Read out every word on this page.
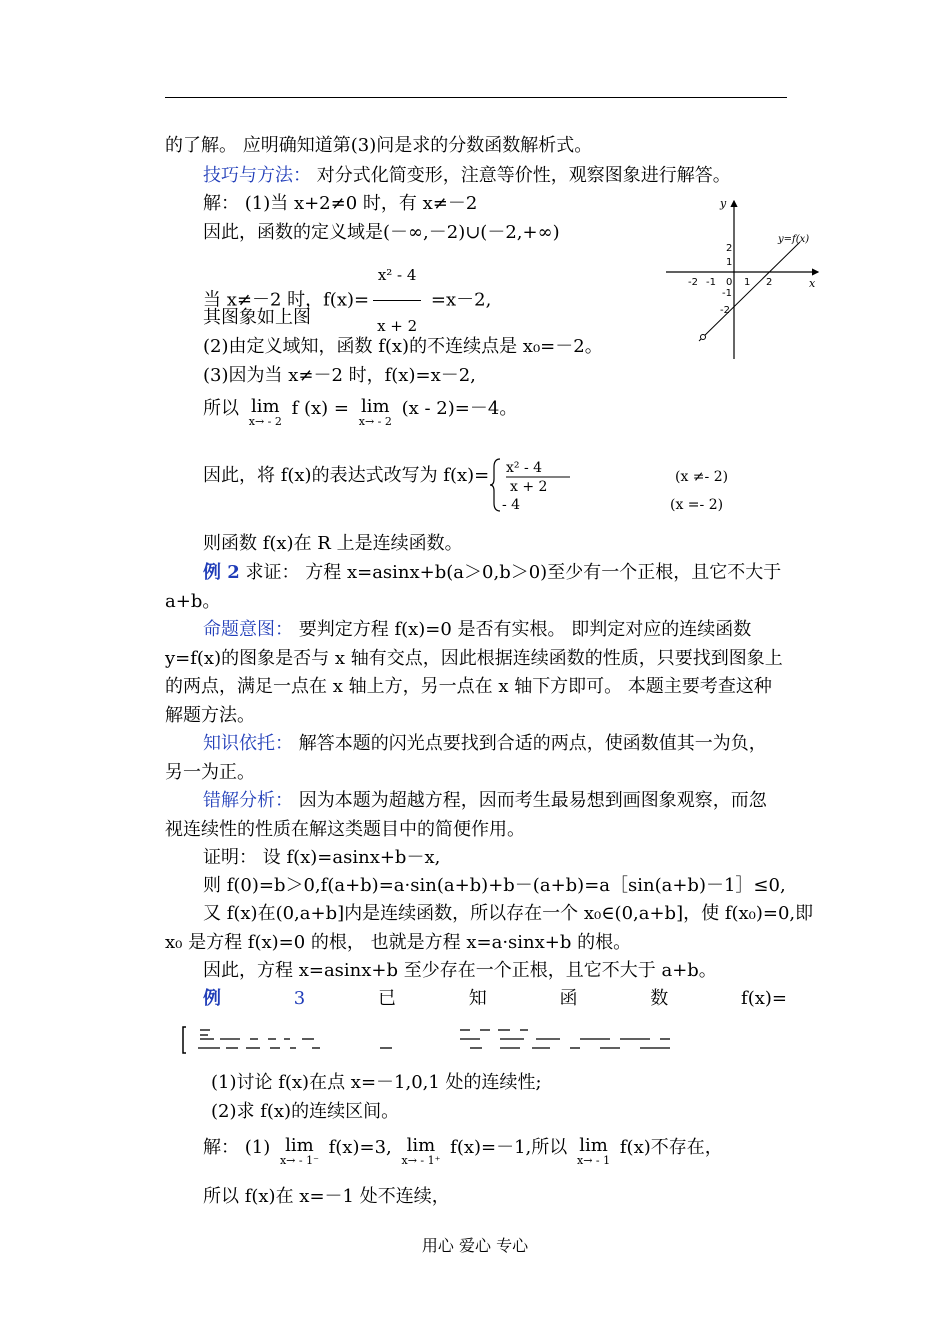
的了解。 应明确知道第(3)问是求的分数函数解析式。
技巧与方法： 对分式化简变形，注意等价性，观察图象进行解答。
解： (1)当 x+2≠0 时，有 x≠－2
因此，函数的定义域是(－∞,－2)∪(－2,+∞)
当 x≠－2 时，$f(x)= \frac{\text{x² - 4}}{x + 2} =x-2$,
其图象如上图
(2)由定义域知，函数 f(x)的不连续点是 x₀=－2。
(3)因为当 x≠－2 时，f(x)=x－2,
所以 lim
x→ - 2
f (x) = lim
x→ - 2
(x - 2)=－4。
因此，将 f(x)的表达式改写为 f(x)= x² - 4
x + 2
- 4
(x ≠- 2)
(x =- 2)
则函数 f(x)在 R 上是连续函数。
例 2 求证： 方程 x=asinx+b(a＞0,b＞0)至少有一个正根，且它不大于
a+b。
命题意图： 要判定方程 f(x)=0 是否有实根。 即判定对应的连续函数
y=f(x)的图象是否与 x 轴有交点，因此根据连续函数的性质，只要找到图象上
的两点，满足一点在 x 轴上方，另一点在 x 轴下方即可。 本题主要考查这种
解题方法。
知识依托： 解答本题的闪光点要找到合适的两点，使函数值其一为负，
另一为正。
错解分析： 因为本题为超越方程，因而考生最易想到画图象观察，而忽
视连续性的性质在解这类题目中的简便作用。
证明： 设 f(x)=asinx+b－x,
则 f(0)=b＞0,f(a+b)=a·sin(a+b)+b－(a+b)=a［sin(a+b)－1］≤0,
又 f(x)在(0,a+b]内是连续函数，所以存在一个 x₀∈(0,a+b]，使 f(x₀)=0,即
x₀ 是方程 f(x)=0 的根， 也就是方程 x=a·sinx+b 的根。
因此，方程 x=asinx+b 至少存在一个正根，且它不大于 a+b。
例	3	已	知	函	数	f(x)=
(1)讨论 f(x)在点 x=－1,0,1 处的连续性;
(2)求 f(x)的连续区间。
解： (1) lim
x→ - 1⁻
f(x)=3, lim
x→ - 1⁺
f(x)=－1,所以 lim
x→ - 1
f(x)不存在，
所以 f(x)在 x=－1 处不连续，
y
x
y=f(x)
2
1
-1
-2
-2 -1 0 1 2
用心 爱心 专心
